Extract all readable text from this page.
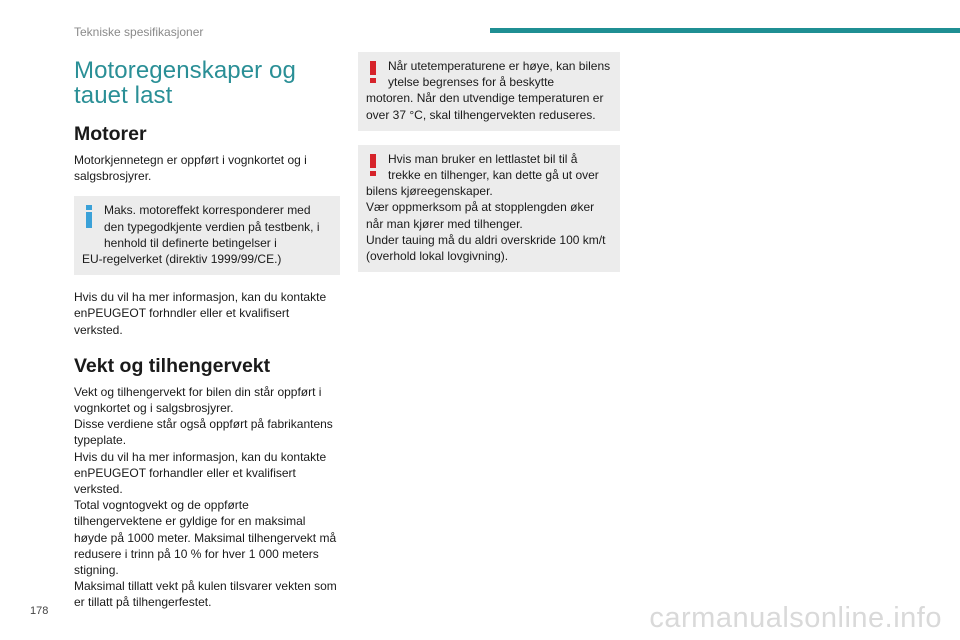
Tekniske spesifikasjoner
Motoregenskaper og
tauet last
Motorer

Motorkjennetegn er oppført i vognkortet og i salgsbrosjyrer.

Maks. motoreffekt korresponderer med den typegodkjente verdien på testbenk, i henhold til definerte betingelser i
EU-regelverket (direktiv 1999/99/CE.)

Hvis du vil ha mer informasjon, kan du kontakte enPEUGEOT forhndler eller et kvalifisert verksted.

Vekt og tilhengervekt

Vekt og tilhengervekt for bilen din står oppført i vognkortet og i salgsbrosjyrer.

Disse verdiene står også oppført på fabrikantens typeplate.

Hvis du vil ha mer informasjon, kan du kontakte enPEUGEOT forhandler eller et kvalifisert verksted.

Total vogntogvekt og de oppførte tilhengervektene er gyldige for en maksimal høyde på 1000 meter. Maksimal tilhengervekt må redusere i trinn på 10 % for hver 1 000 meters stigning.

Maksimal tillatt vekt på kulen tilsvarer vekten som er tillatt på tilhengerfestet.

Når utetemperaturene er høye, kan bilens ytelse begrenses for å beskytte
motoren. Når den utvendige temperaturen er over 37 °C, skal tilhengervekten reduseres.
Hvis man bruker en lettlastet bil til å trekke en tilhenger, kan dette gå ut over
bilens kjøreegenskaper.
Vær oppmerksom på at stopplengden øker når man kjører med tilhenger.
Under tauing må du aldri overskride 100 km/t (overhold lokal lovgivning).
178	carmanualsonline.info
